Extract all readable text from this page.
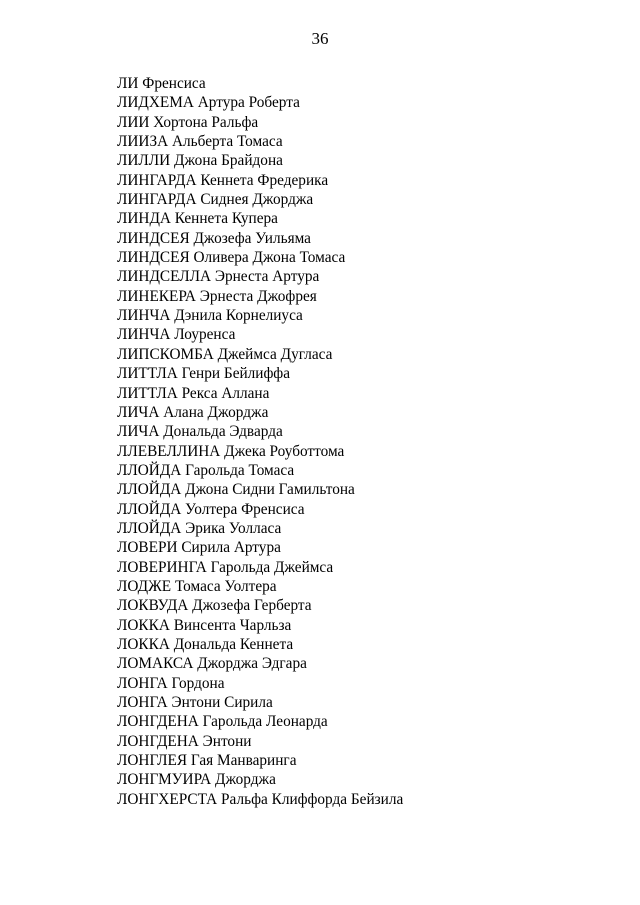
36
ЛИ Френсиса
ЛИДХЕМА Артура Роберта
ЛИИ Хортона Ральфа
ЛИИЗА Альберта Томаса
ЛИЛЛИ Джона Брайдона
ЛИНГАРДА Кеннета Фредерика
ЛИНГАРДА Сиднея Джорджа
ЛИНДА Кеннета Купера
ЛИНДСЕЯ Джозефа Уильяма
ЛИНДСЕЯ Оливера Джона Томаса
ЛИНДСЕЛЛА Эрнеста Артура
ЛИНЕКЕРА Эрнеста Джофрея
ЛИНЧА Дэнила Корнелиуса
ЛИНЧА Лоуренса
ЛИПСКОМБА Джеймса Дугласа
ЛИТТЛА Генри Бейлиффа
ЛИТТЛА Рекса Аллана
ЛИЧА Алана Джорджа
ЛИЧА Дональда Эдварда
ЛЛЕВЕЛЛИНА Джека Роуботтома
ЛЛОЙДА Гарольда Томаса
ЛЛОЙДА Джона Сидни Гамильтона
ЛЛОЙДА Уолтера Френсиса
ЛЛОЙДА Эрика Уолласа
ЛОВЕРИ Сирила Артура
ЛОВЕРИНГА Гарольда Джеймса
ЛОДЖЕ Томаса Уолтера
ЛОКВУДА Джозефа Герберта
ЛОККА Винсента Чарльза
ЛОККА Дональда Кеннета
ЛОМАКСА Джорджа Эдгара
ЛОНГА Гордона
ЛОНГА Энтони Сирила
ЛОНГДЕНА Гарольда Леонарда
ЛОНГДЕНА Энтони
ЛОНГЛЕЯ Гая Манваринга
ЛОНГМУИРА Джорджа
ЛОНГХЕРСТА Ральфа Клиффорда Бейзила
